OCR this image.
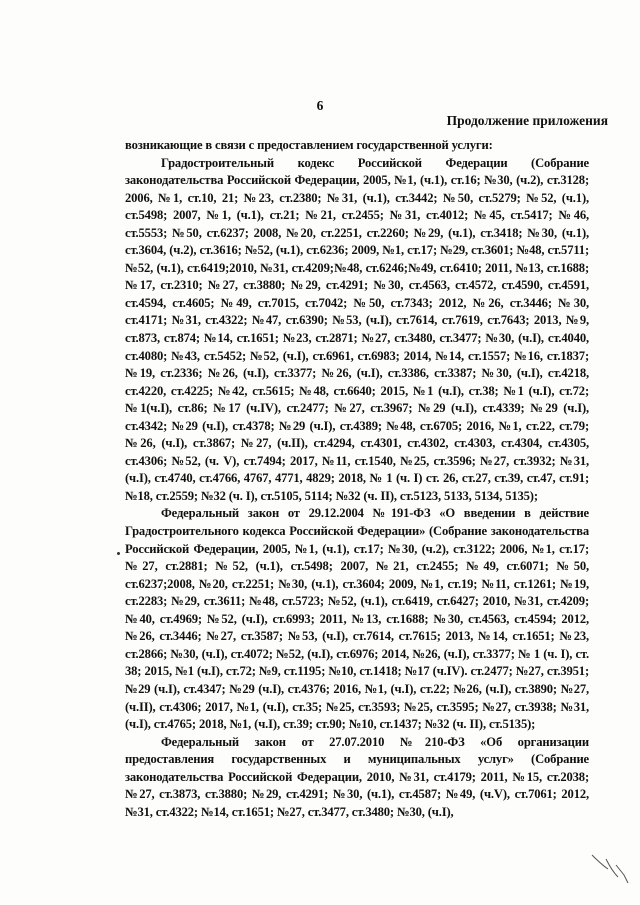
6
Продолжение приложения

возникающие в связи с предоставлением государственной услуги:

Градостроительный кодекс Российской Федерации (Собрание законодательства Российской Федерации, 2005, №1, (ч.1), ст.16; №30, (ч.2), ст.3128; 2006, №1, ст.10, 21; №23, ст.2380; №31, (ч.1), ст.3442; №50, ст.5279; №52, (ч.1), ст.5498; 2007, №1, (ч.1), ст.21; №21, ст.2455; №31, ст.4012; №45, ст.5417; №46, ст.5553; №50, ст.6237; 2008, №20, ст.2251, ст.2260; №29, (ч.1), ст.3418; №30, (ч.1), ст.3604, (ч.2), ст.3616; №52, (ч.1), ст.6236; 2009, №1, ст.17; №29, ст.3601; №48, ст.5711; №52, (ч.1), ст.6419;2010, №31, ст.4209;№48, ст.6246;№49, ст.6410; 2011, №13, ст.1688; №17, ст.2310; №27, ст.3880; №29, ст.4291; №30, ст.4563, ст.4572, ст.4590, ст.4591, ст.4594, ст.4605; №49, ст.7015, ст.7042; №50, ст.7343; 2012, №26, ст.3446; №30, ст.4171; №31, ст.4322; №47, ст.6390; №53, (ч.I), ст.7614, ст.7619, ст.7643; 2013, №9, ст.873, ст.874; №14, ст.1651; №23, ст.2871; №27, ст.3480, ст.3477; №30, (ч.I), ст.4040, ст.4080; №43, ст.5452; №52, (ч.I), ст.6961, ст.6983; 2014, №14, ст.1557; №16, ст.1837; №19, ст.2336; №26, (ч.I), ст.3377; №26, (ч.I), ст.3386, ст.3387; №30, (ч.I), ст.4218, ст.4220, ст.4225; №42, ст.5615; №48, ст.6640; 2015, №1 (ч.I), ст.38; №1 (ч.I), ст.72; №1(ч.I), ст.86; №17 (ч.IV), ст.2477; №27, ст.3967; №29 (ч.I), ст.4339; №29 (ч.I), ст.4342; №29 (ч.I), ст.4378; №29 (ч.I), ст.4389; №48, ст.6705; 2016, №1, ст.22, ст.79; №26, (ч.I), ст.3867; №27, (ч.II), ст.4294, ст.4301, ст.4302, ст.4303, ст.4304, ст.4305, ст.4306; №52, (ч. V), ст.7494; 2017, №11, ст.1540, №25, ст.3596; №27, ст.3932; №31, (ч.I), ст.4740, ст.4766, 4767, 4771, 4829; 2018, № 1 (ч. I) ст. 26, ст.27, ст.39, ст.47, ст.91; №18, ст.2559; №32 (ч. I), ст.5105, 5114; №32 (ч. II), ст.5123, 5133, 5134, 5135);

Федеральный закон от 29.12.2004 №191-ФЗ «О введении в действие Градостроительного кодекса Российской Федерации» (Собрание законодательства Российской Федерации, 2005, №1, (ч.1), ст.17; №30, (ч.2), ст.3122; 2006, №1, ст.17; №27, ст.2881; №52, (ч.1), ст.5498; 2007, №21, ст.2455; №49, ст.6071; №50, ст.6237;2008, №20, ст.2251; №30, (ч.1), ст.3604; 2009, №1, ст.19; №11, ст.1261; №19, ст.2283; №29, ст.3611; №48, ст.5723; №52, (ч.1), ст.6419, ст.6427; 2010, №31, ст.4209; №40, ст.4969; №52, (ч.I), ст.6993; 2011, №13, ст.1688; №30, ст.4563, ст.4594; 2012, №26, ст.3446; №27, ст.3587; №53, (ч.I), ст.7614, ст.7615; 2013, №14, ст.1651; №23, ст.2866; №30, (ч.I), ст.4072; №52, (ч.I), ст.6976; 2014, №26, (ч.I), ст.3377; № 1 (ч. I), ст. 38; 2015, №1 (ч.I), ст.72; №9, ст.1195; №10, ст.1418; №17 (ч.IV). ст.2477; №27, ст.3951; №29 (ч.I), ст.4347; №29 (ч.I), ст.4376; 2016, №1, (ч.I), ст.22; №26, (ч.I), ст.3890; №27, (ч.II), ст.4306; 2017, №1, (ч.I), ст.35; №25, ст.3593; №25, ст.3595; №27, ст.3938; №31, (ч.I), ст.4765; 2018, №1, (ч.I), ст.39; ст.90; №10, ст.1437; №32 (ч. II), ст.5135);

Федеральный закон от 27.07.2010 №210-ФЗ «Об организации предоставления государственных и муниципальных услуг» (Собрание законодательства Российской Федерации, 2010, №31, ст.4179; 2011, №15, ст.2038; №27, ст.3873, ст.3880; №29, ст.4291; №30, (ч.1), ст.4587; №49, (ч.V), ст.7061; 2012, №31, ст.4322; №14, ст.1651; №27, ст.3477, ст.3480; №30, (ч.I),
